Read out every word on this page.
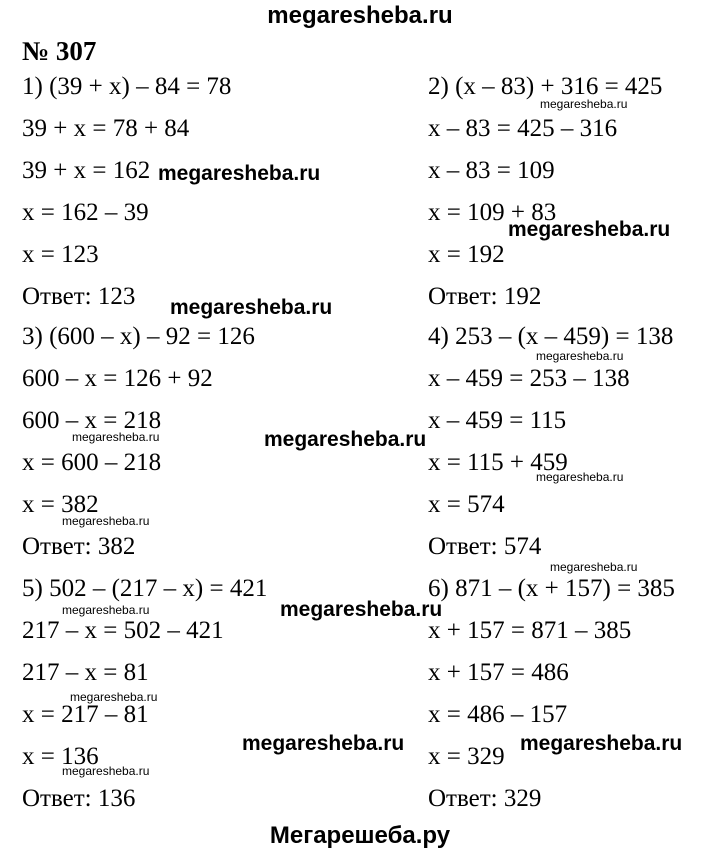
megaresheba.ru
№ 307
1) (39 + x) – 84 = 78
39 + x = 78 + 84
39 + x = 162
x = 162 – 39
x = 123
Ответ: 123
2) (x – 83) + 316 = 425
x – 83 = 425 – 316
x – 83 = 109
x = 109 + 83
x = 192
Ответ: 192
3) (600 – x) – 92 = 126
600 – x = 126 + 92
600 – x = 218
x = 600 – 218
x = 382
Ответ: 382
4) 253 – (x – 459) = 138
x – 459 = 253 – 138
x – 459 = 115
x = 115 + 459
x = 574
Ответ: 574
5) 502 – (217 – x) = 421
217 – x = 502 – 421
217 – x = 81
x = 217 – 81
x = 136
Ответ: 136
6) 871 – (x + 157) = 385
x + 157 = 871 – 385
x + 157 = 486
x = 486 – 157
x = 329
Ответ: 329
megaresheba.ru
megaresheba.ru
megaresheba.ru
megaresheba.ru
megaresheba.ru
megaresheba.ru	megaresheba.ru
megaresheba.ru
megaresheba.ru
megaresheba.ru
megaresheba.ru
megaresheba.ru
megaresheba.ru
megaresheba.ru
megaresheba.ru
megaresheba.ru
Мегарешеба.ру
